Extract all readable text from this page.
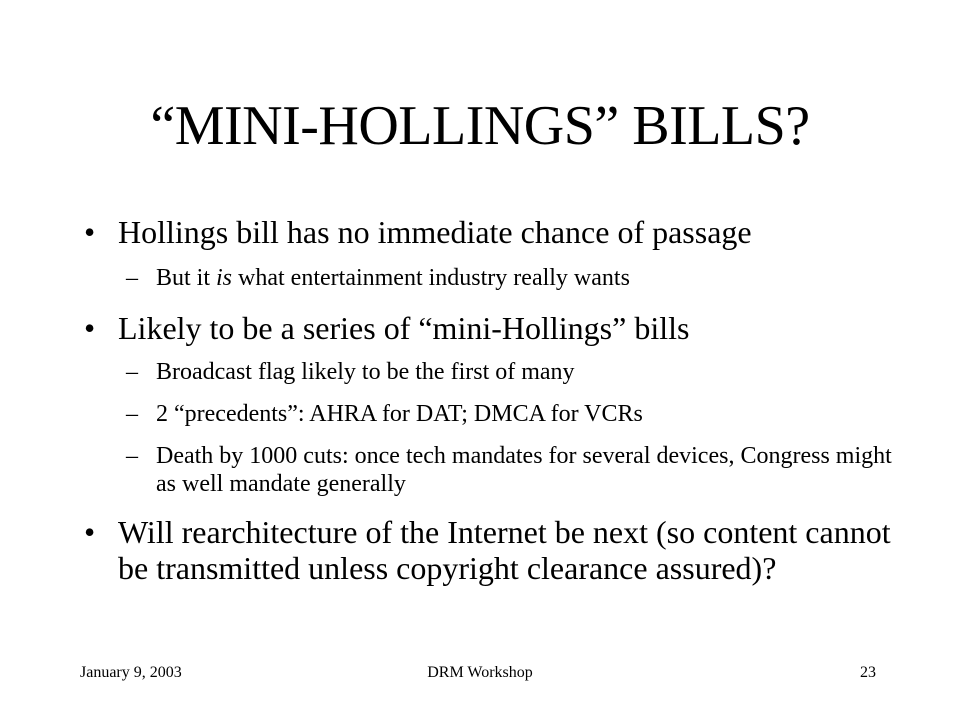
“MINI-HOLLINGS” BILLS?
• Hollings bill has no immediate chance of passage
– But it is what entertainment industry really wants
• Likely to be a series of “mini-Hollings” bills
– Broadcast flag likely to be the first of many
– 2 “precedents”: AHRA for DAT; DMCA for VCRs
– Death by 1000 cuts: once tech mandates for several devices, Congress might as well mandate generally
• Will rearchitecture of the Internet be next (so content cannot be transmitted unless copyright clearance assured)?
DRM Workshop
January 9, 2003	23
